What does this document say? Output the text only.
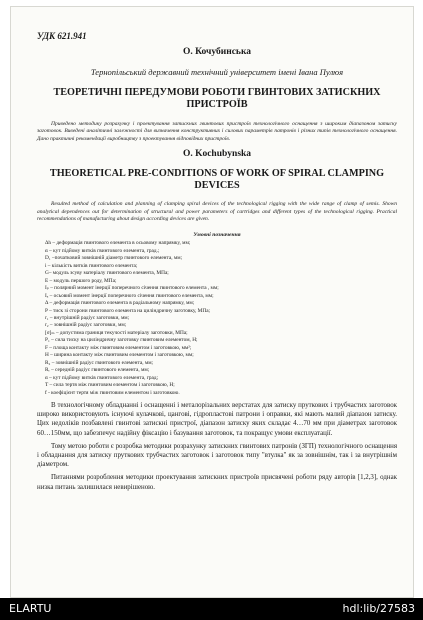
УДК 621.941

О. Кочубинська

Тернопільський державний технічний університет імені Івана Пулюя

ТЕОРЕТИЧНІ ПЕРЕДУМОВИ РОБОТИ ГВИНТОВИХ ЗАТИСКНИХ ПРИСТРОЇВ

Приведено методику розрахунку і проектування затискних гвинтових пристроїв технологічного оснащення з широким діапазоном затиску заготовок. Виведені аналітичні залежності для визначення конструктивних і силових параметрів патронів і різних типів технологічного оснащення. Дано практичні рекомендації виробництву з проектування відповідних пристроїв.

O. Kochubynska

THEORETICAL PRE-CONDITIONS OF WORK OF SPIRAL CLAMPING DEVICES

Resulted method of calculation and planning of clamping spiral devices of the technological rigging with the wide range of clamp of semis. Shown analytical dependences out for determination of structural and power parameters of cartridges and different types of the technological rigging. Practical recommendations of manufacturing about design according devices are given.

Умовні позначення

Δh – деформація гвинтового елемента в осьовому напрямку, мм;
α – кут підйому витків гвинтового елемента, град.;
D₁ –початковий зовнішній діаметр гвинтового елемента, мм;
i – кількість витків гвинтового елемента;
G– модуль зсуву матеріалу гвинтового елемента, МПа;
E – модуль першого роду, МПа;
Iₚ – полярний момент інерції поперечного січення гвинтового елемента , мм;
Iₓ – осьовий момент інерції поперечного січення гвинтового елемента, мм;
Δ – деформація гвинтового елемента в радіальному напрямку, мм;
P – тиск зі сторони гвинтового елемента на циліндричну заготовку, МПа;
r₁ – внутрішній радіус заготовки, мм;
r₂ – зовнішній радіус заготовки, мм;
[σ]ₘ – допустима границя текучості матеріалу заготовки, МПа;
P₁ – сила тиску на циліндричну заготовку гвинтовим елементом, Н;
F – площа контакту між гвинтовим елементом і заготовкою, мм²;
H – ширина контакту між гвинтовим елементом і заготовкою, мм;
R₂ – зовнішній радіус гвинтового елемента, мм;
Rᵣ – середній радіус гвинтового елемента, мм;
α – кут підйому витків гвинтового елемента, град;
T – сила тертя між гвинтовим елементом і заготовкою, Н;
f - коефіцієнт тертя між гвинтовим елементом і заготовкою.

В технологічному обладнанні і оснащенні і металорізальних верстатах для затиску пруткових і трубчастих заготовок широко використовують існуючі кулачкові, цангові, гідропластові патрони і оправки, які мають малий діапазон затиску. Цих недоліків позбавлені гвинтові затискні пристрої, діапазон затиску яких складає 4…70 мм при діаметрах заготовок 60…150мм, що забезпечує надійну фіксацію і базування заготовок, та покращує умови експлуатації.

Тому метою роботи є розробка методики розрахунку затискних гвинтових патронів (ЗГП) технологічного оснащення і обладнання для затиску пруткових трубчастих заготовок і заготовок типу "втулка" як за зовнішнім, так і за внутрішнім діаметром.

Питаннями розроблення методики проектування затискних пристроїв присвячені роботи ряду авторів [1,2,3], однак низка питань залишилася невирішеною.

ELARTU	hdl:lib/27583
